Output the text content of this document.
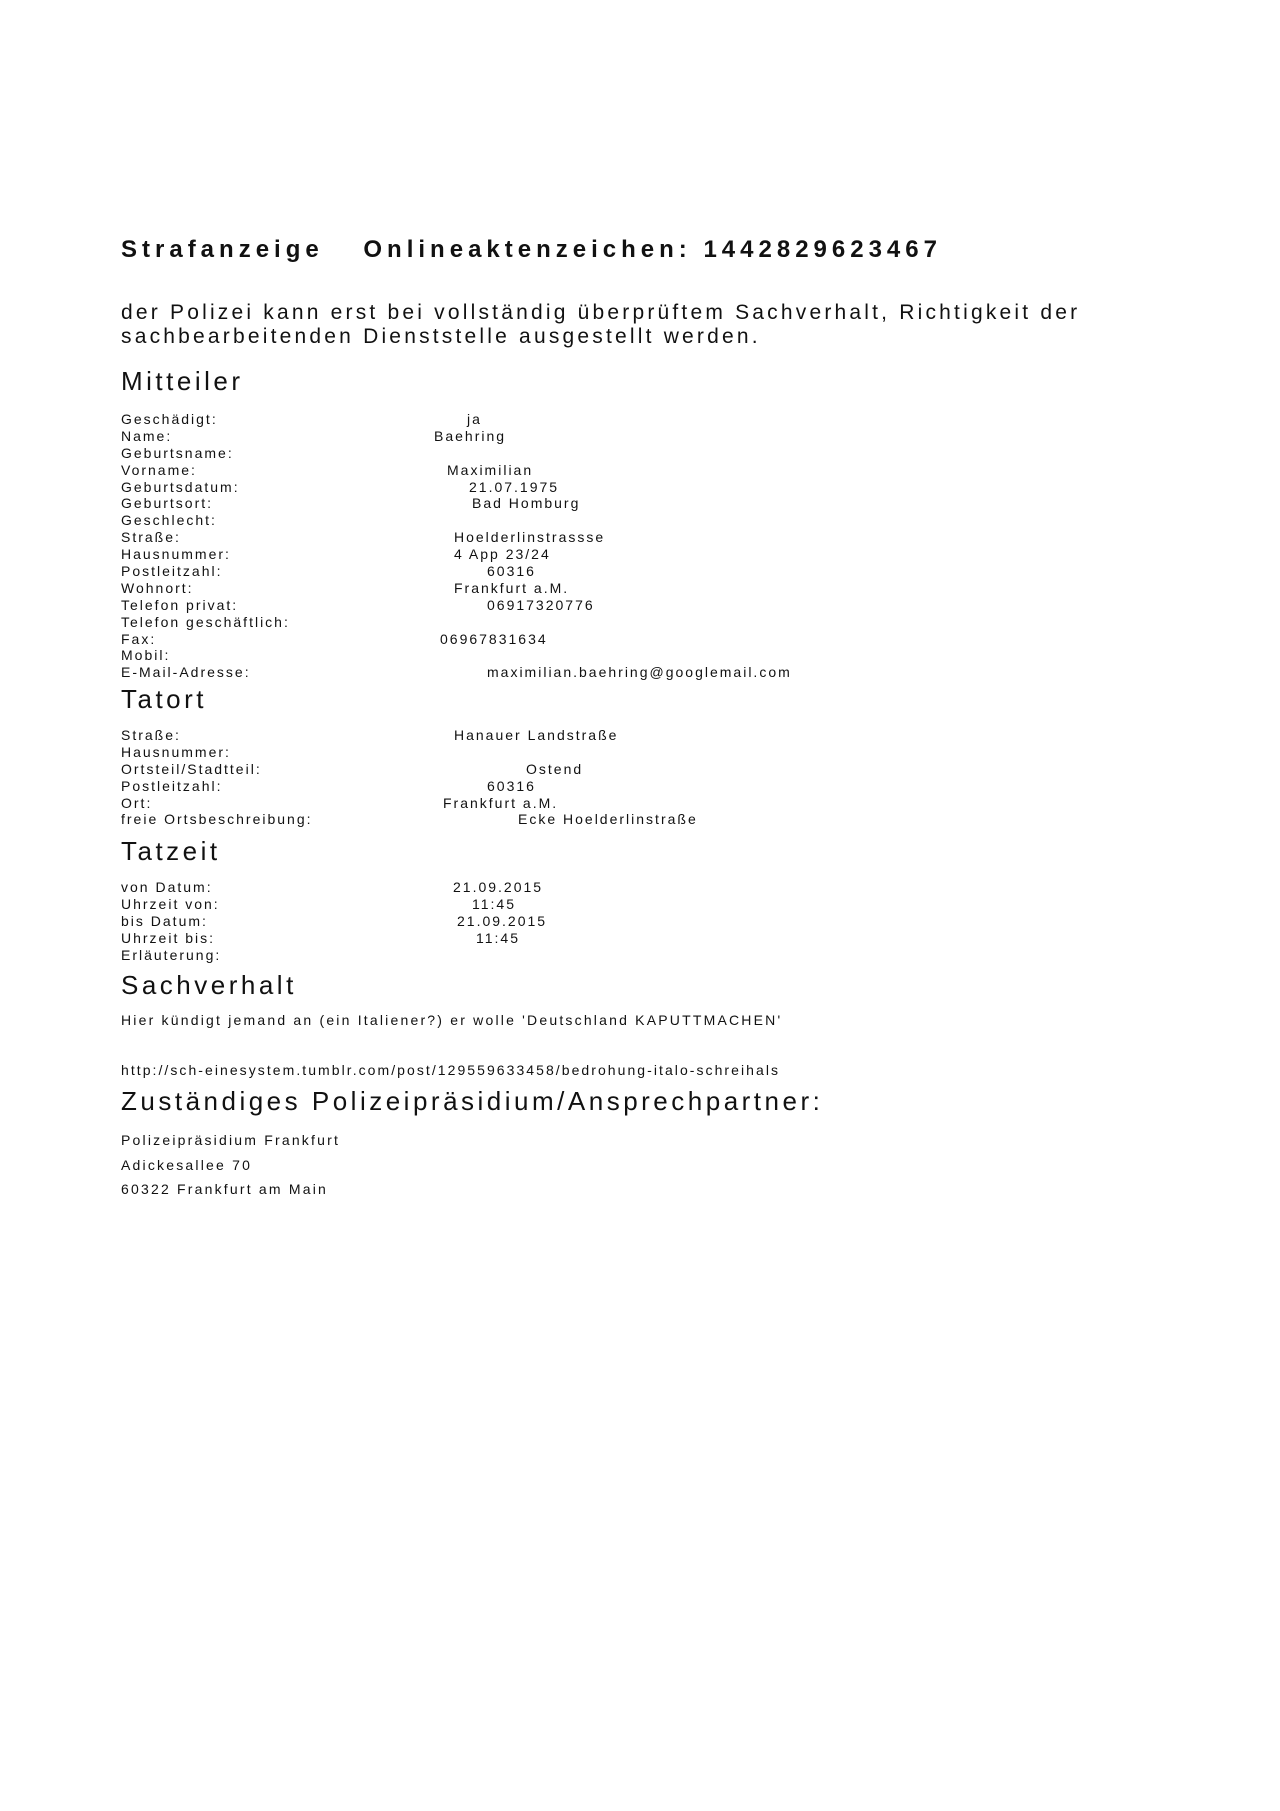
Strafanzeige Onlineaktenzeichen: 1442829623467
der Polizei kann erst bei vollständig überprüftem Sachverhalt, Richtigkeit der
sachbearbeitenden Dienststelle ausgestellt werden.
Mitteiler
Geschädigt:	ja
Name:	Baehring
Geburtsname:
Vorname:	Maximilian
Geburtsdatum:	21.07.1975
Geburtsort:	Bad Homburg
Geschlecht:
Straße:	Hoelderlinstrassse
Hausnummer:	4 App 23/24
Postleitzahl:	60316
Wohnort:	Frankfurt a.M.
Telefon privat:	06917320776
Telefon geschäftlich:
Fax:	06967831634
Mobil:
E-Mail-Adresse:	maximilian.baehring@googlemail.com
Tatort
Straße:	Hanauer Landstraße
Hausnummer:
Ortsteil/Stadtteil:	Ostend
Postleitzahl:	60316
Ort:	Frankfurt a.M.
freie Ortsbeschreibung:	Ecke Hoelderlinstraße
Tatzeit
von Datum:	21.09.2015
Uhrzeit von:	11:45
bis Datum:	21.09.2015
Uhrzeit bis:	11:45
Erläuterung:
Sachverhalt
Hier kündigt jemand an (ein Italiener?) er wolle 'Deutschland KAPUTTMACHEN'
http://sch-einesystem.tumblr.com/post/129559633458/bedrohung-italo-schreihals
Zuständiges Polizeipräsidium/Ansprechpartner:
Polizeipräsidium Frankfurt
Adickesallee 70
60322 Frankfurt am Main
